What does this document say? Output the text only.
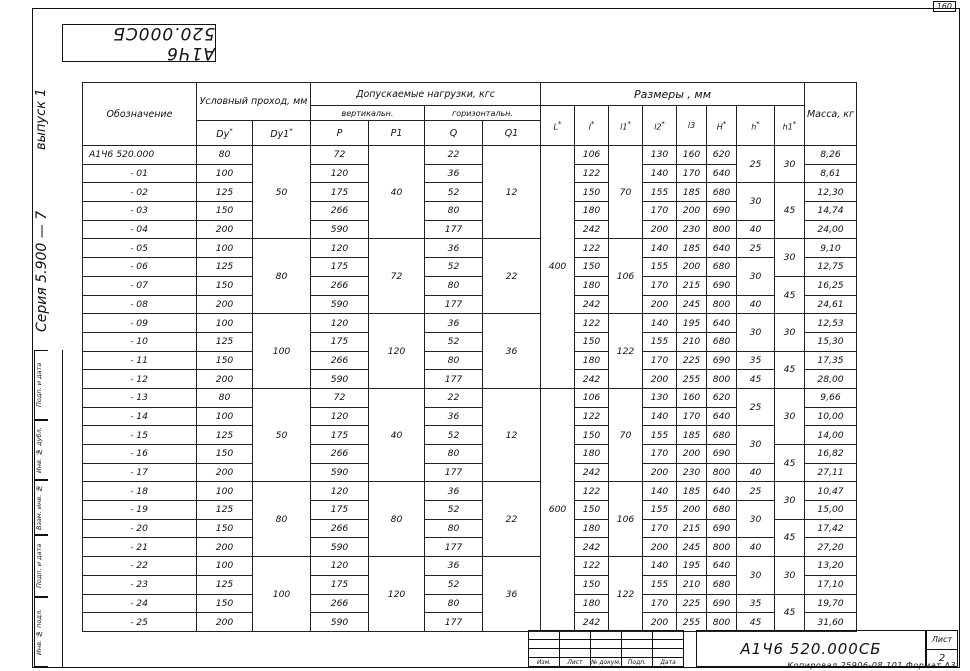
160
A1Ч6 520.000СБ
выпуск 1
Серия 5.900 — 7
Инв. № подл.
Подп. и дата
Взам. инв. №
Инв. № дубл.
Подп. и дата
Обозначение	Условный проход, мм		Допускаемые нагрузки, кгс				Размеры , мм								Масса, кг
			вертикальн.		горизонтальн.		L*	l*	l1*	l2*	l3	H*	h*	h1*	
	Dy*	Dy1*	P	P1	Q	Q1									
A1Ч6 520.000	80	50	72	40	22	12	400	106	70	130	160	620	25	30	8,26
- 01	100		120		36			122		140	170	640			8,61
- 02	125		175		52			150		155	185	680	30	45	12,30
- 03	150		266		80			180		170	200	690			14,74
- 04	200		590		177			242		200	230	800	40		24,00
- 05	100	80	120	72	36	22		122	106	140	185	640	25	30	9,10
- 06	125		175		52			150		155	200	680	30		12,75
- 07	150		266		80			180		170	215	690		45	16,25
- 08	200		590		177			242		200	245	800	40		24,61
- 09	100	100	120	120	36	36		122	122	140	195	640	30	30	12,53
- 10	125		175		52			150		155	210	680			15,30
- 11	150		266		80			180		170	225	690	35	45	17,35
- 12	200		590		177			242		200	255	800	45		28,00
- 13	80	50	72	40	22	12	600	106	70	130	160	620	25	30	9,66
- 14	100		120		36			122		140	170	640			10,00
- 15	125		175		52			150		155	185	680	30		14,00
- 16	150		266		80			180		170	200	690		45	16,82
- 17	200		590		177			242		200	230	800	40		27,11
- 18	100	80	120	80	36	22		122	106	140	185	640	25	30	10,47
- 19	125		175		52			150		155	200	680	30		15,00
- 20	150		266		80			180		170	215	690		45	17,42
- 21	200		590		177			242		200	245	800	40		27,20
- 22	100	100	120	120	36	36		122	122	140	195	640	30	30	13,20
- 23	125		175		52			150		155	210	680			17,10
- 24	150		266		80			180		170	225	690	35	45	19,70
- 25	200		590		177			242		200	255	800	45		31,60

Изм.	Лист	№ докум.	Подп.	Дата
A1Ч6 520.000СБ	Лист
2
Копировал 25906-08 101 Формат А3
